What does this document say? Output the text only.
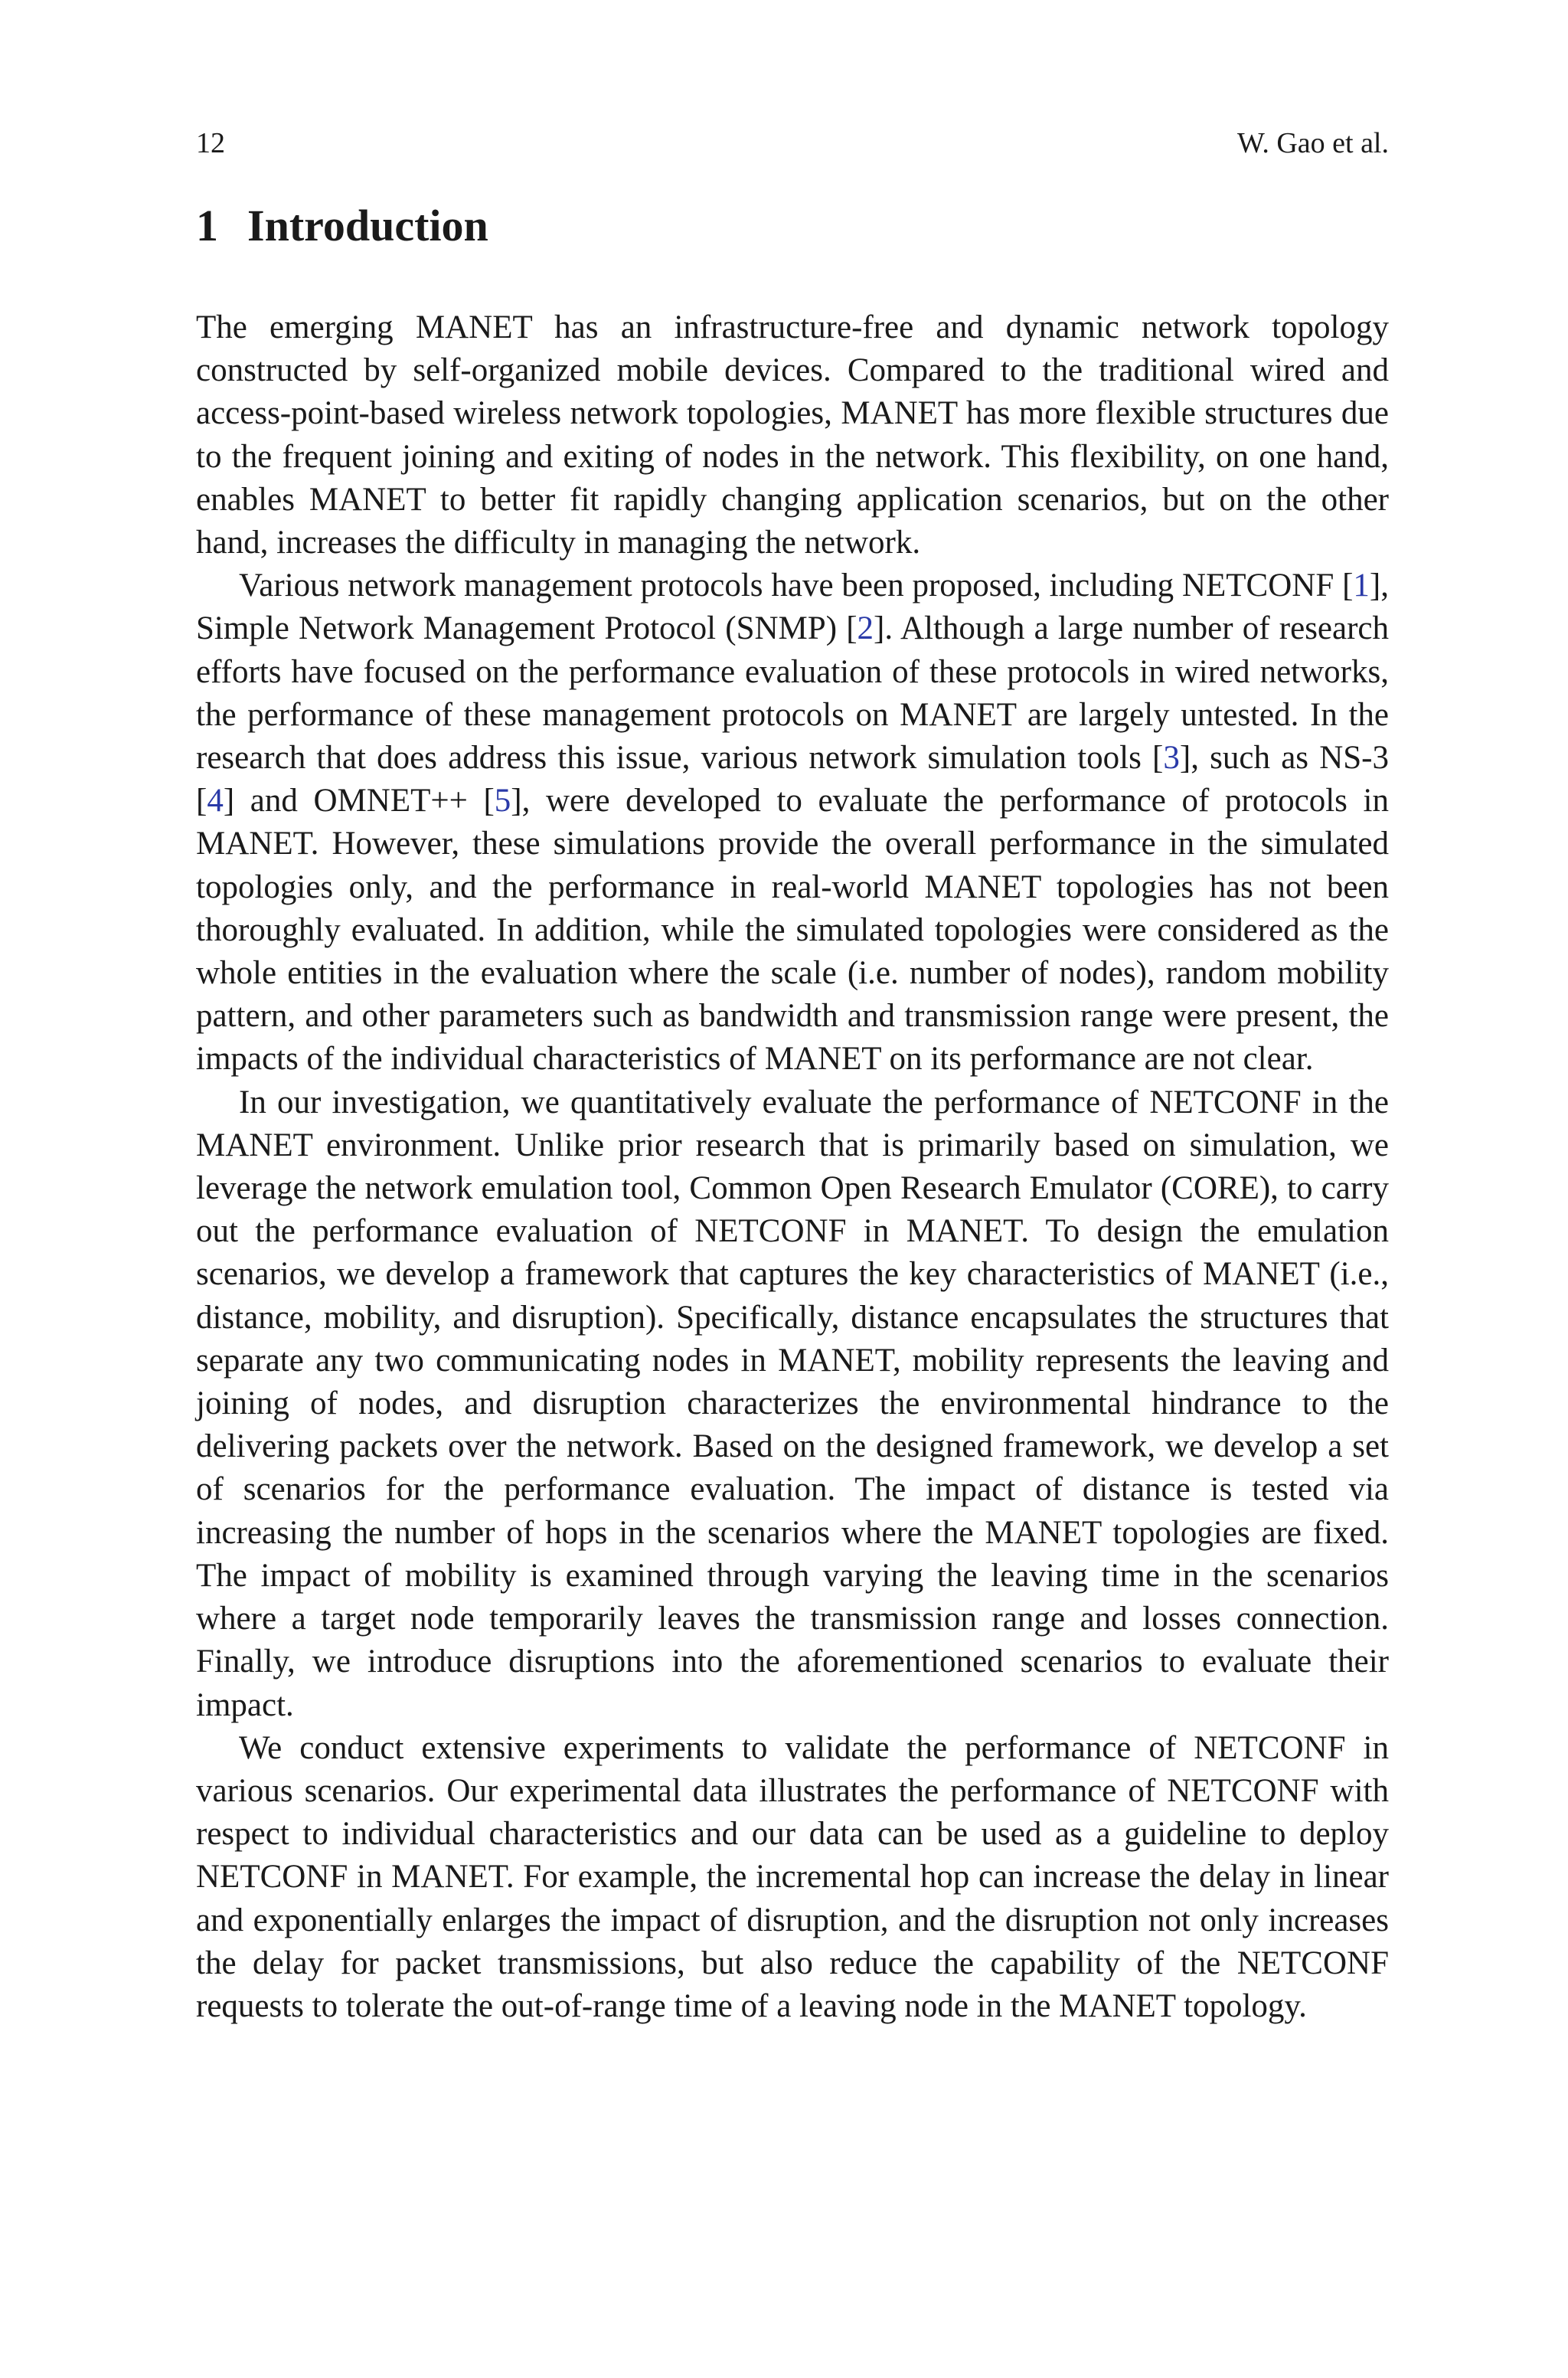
12	W. Gao et al.
1 Introduction

The emerging MANET has an infrastructure-free and dynamic network topology constructed by self-organized mobile devices. Compared to the traditional wired and access-point-based wireless network topologies, MANET has more flexible structures due to the frequent joining and exiting of nodes in the network. This flexibility, on one hand, enables MANET to better fit rapidly changing application scenarios, but on the other hand, increases the difficulty in managing the network.

Various network management protocols have been proposed, including NETCONF [1], Simple Network Management Protocol (SNMP) [2]. Although a large number of research efforts have focused on the performance evaluation of these protocols in wired networks, the performance of these management protocols on MANET are largely untested. In the research that does address this issue, various network simulation tools [3], such as NS-3 [4] and OMNET++ [5], were developed to evaluate the performance of protocols in MANET. However, these simulations provide the overall performance in the simulated topologies only, and the performance in real-world MANET topologies has not been thoroughly evaluated. In addition, while the simulated topologies were considered as the whole entities in the evaluation where the scale (i.e. number of nodes), random mobility pattern, and other parameters such as bandwidth and transmission range were present, the impacts of the individual characteristics of MANET on its performance are not clear.

In our investigation, we quantitatively evaluate the performance of NETCONF in the MANET environment. Unlike prior research that is primarily based on simulation, we leverage the network emulation tool, Common Open Research Emulator (CORE), to carry out the performance evaluation of NETCONF in MANET. To design the emulation scenarios, we develop a framework that captures the key characteristics of MANET (i.e., distance, mobility, and disruption). Specifically, distance encapsulates the structures that separate any two communicating nodes in MANET, mobility represents the leaving and joining of nodes, and disruption characterizes the environmental hindrance to the delivering packets over the network. Based on the designed framework, we develop a set of scenarios for the performance evaluation. The impact of distance is tested via increasing the number of hops in the scenarios where the MANET topologies are fixed. The impact of mobility is examined through varying the leaving time in the scenarios where a target node temporarily leaves the transmission range and losses connection. Finally, we introduce disruptions into the aforementioned scenarios to evaluate their impact.

We conduct extensive experiments to validate the performance of NETCONF in various scenarios. Our experimental data illustrates the performance of NETCONF with respect to individual characteristics and our data can be used as a guideline to deploy NETCONF in MANET. For example, the incremental hop can increase the delay in linear and exponentially enlarges the impact of disruption, and the disruption not only increases the delay for packet transmissions, but also reduce the capability of the NETCONF requests to tolerate the out-of-range time of a leaving node in the MANET topology.
